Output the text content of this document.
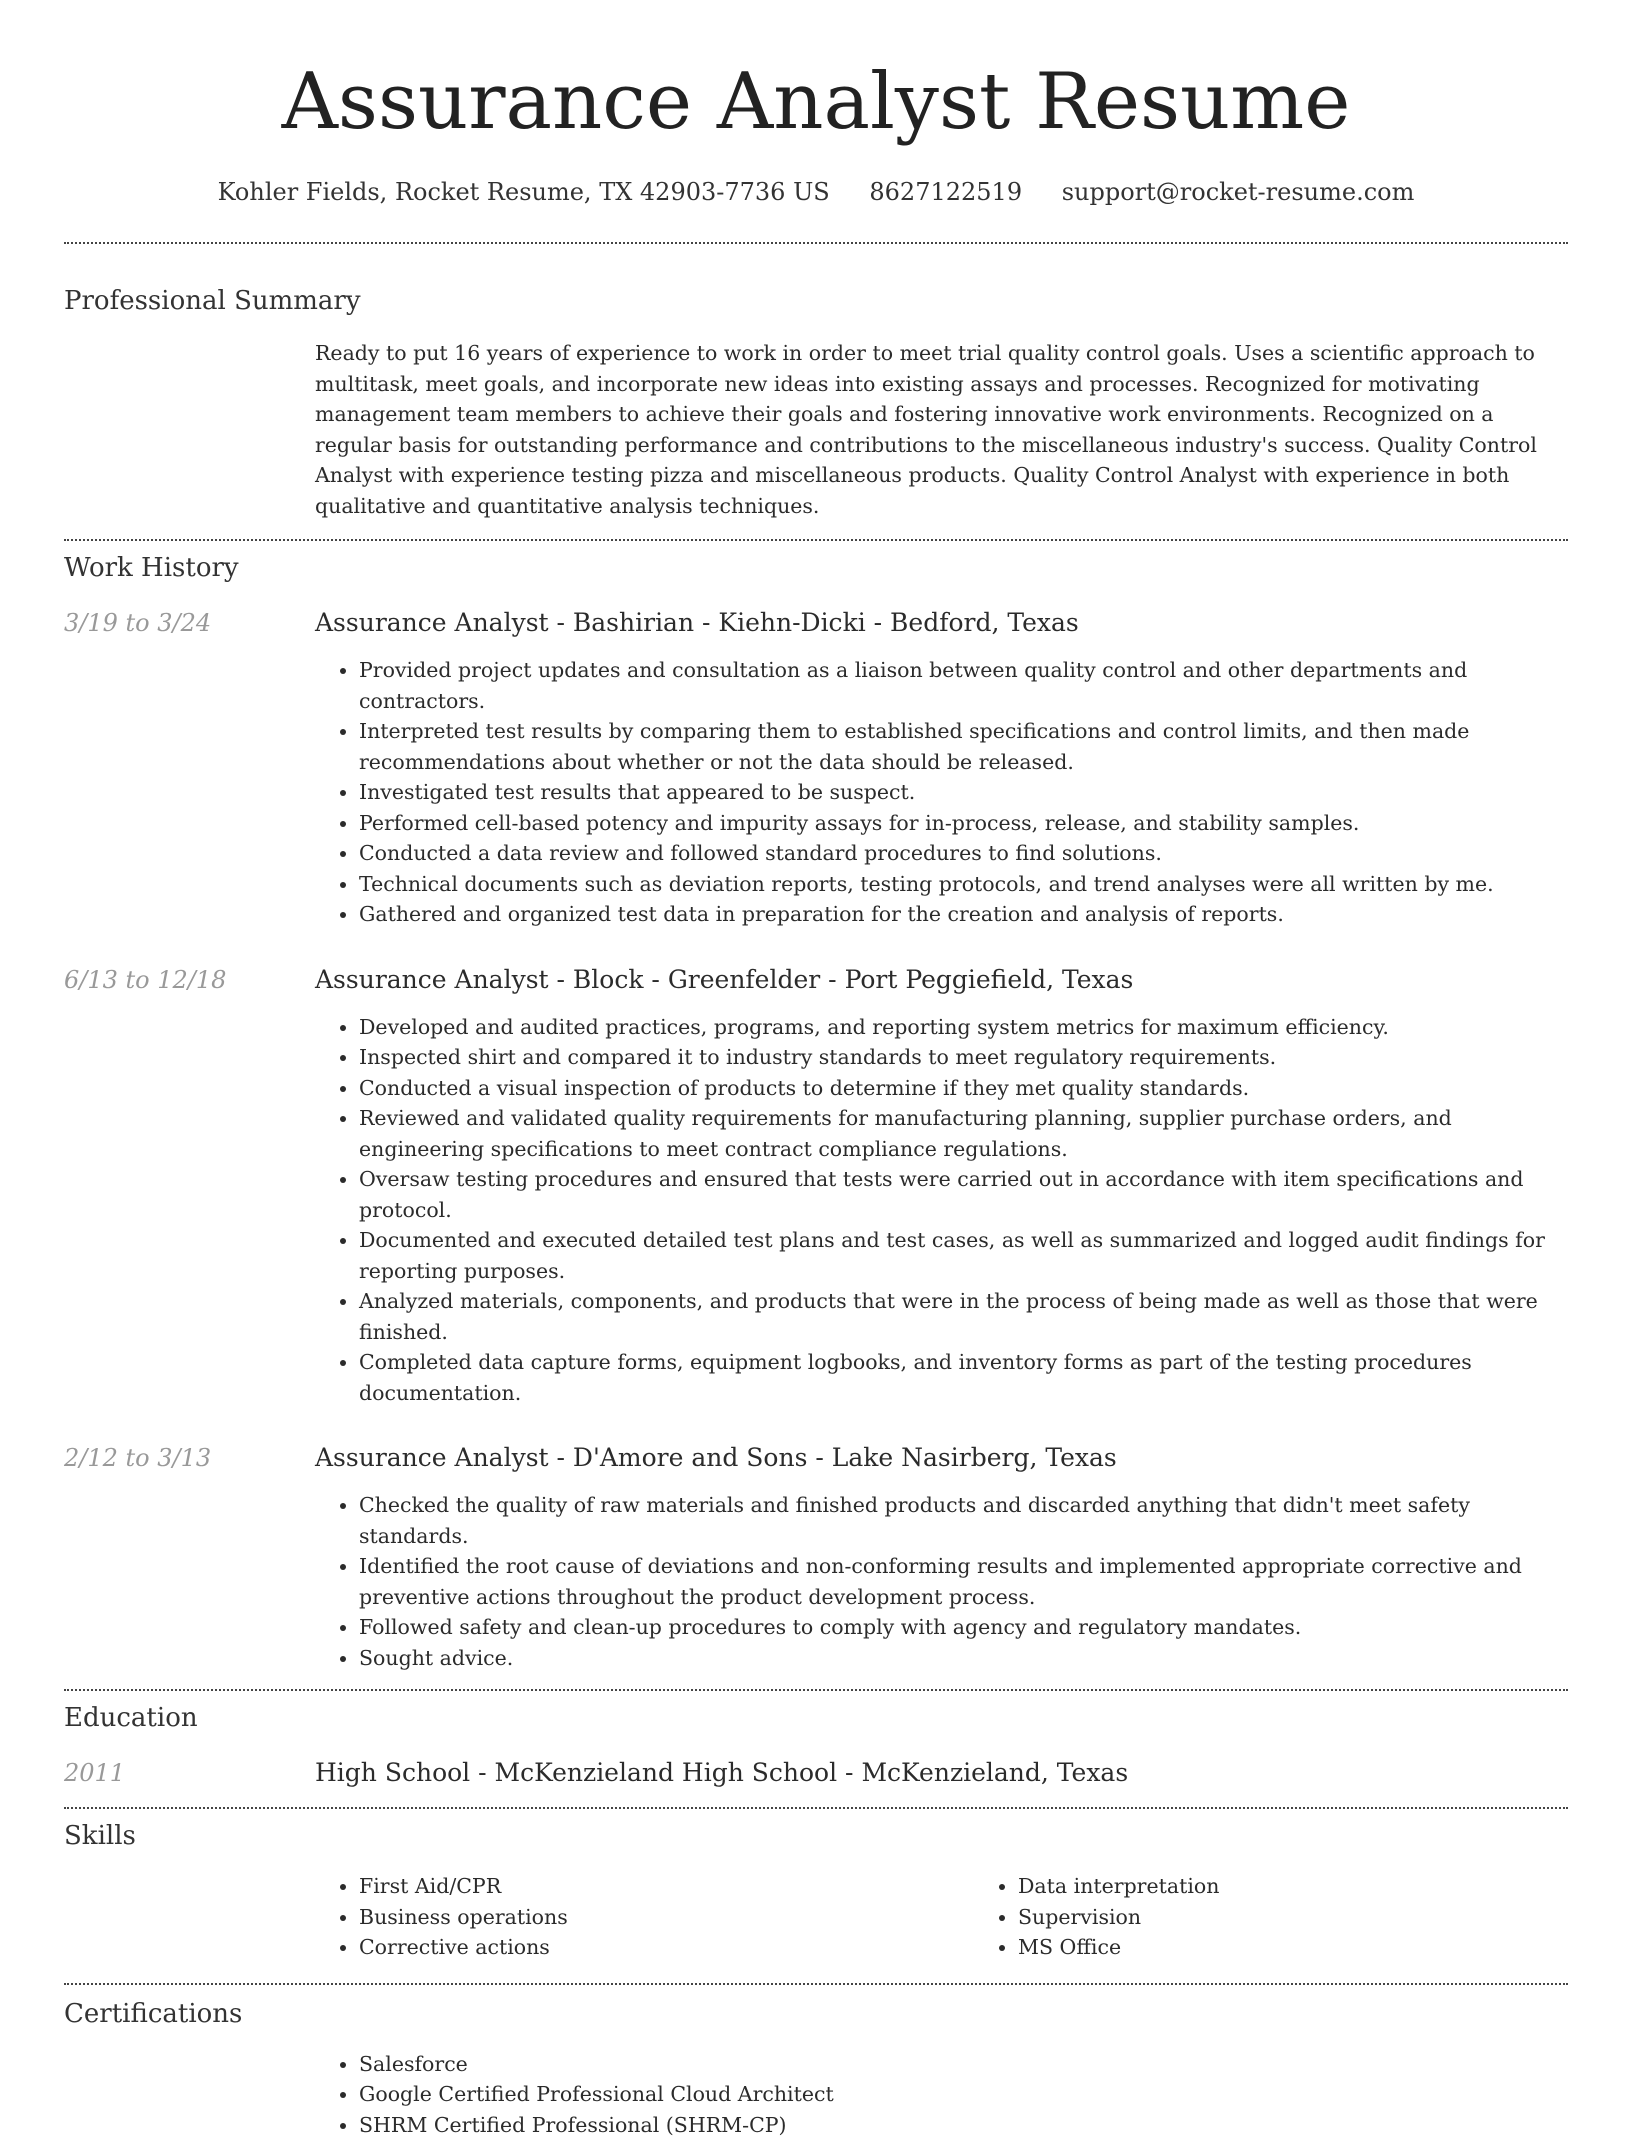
Assurance Analyst Resume
Kohler Fields, Rocket Resume, TX 42903-7736 US 8627122519 support@rocket-resume.com
Professional Summary
Ready to put 16 years of experience to work in order to meet trial quality control goals. Uses a scientific approach to multitask, meet goals, and incorporate new ideas into existing assays and processes. Recognized for motivating management team members to achieve their goals and fostering innovative work environments. Recognized on a regular basis for outstanding performance and contributions to the miscellaneous industry's success. Quality Control Analyst with experience testing pizza and miscellaneous products. Quality Control Analyst with experience in both qualitative and quantitative analysis techniques.
Work History
3/19 to 3/24	Assurance Analyst - Bashirian - Kiehn-Dicki - Bedford, Texas
• Provided project updates and consultation as a liaison between quality control and other departments and contractors.
• Interpreted test results by comparing them to established specifications and control limits, and then made recommendations about whether or not the data should be released.
• Investigated test results that appeared to be suspect.
• Performed cell-based potency and impurity assays for in-process, release, and stability samples.
• Conducted a data review and followed standard procedures to find solutions.
• Technical documents such as deviation reports, testing protocols, and trend analyses were all written by me.
• Gathered and organized test data in preparation for the creation and analysis of reports.
6/13 to 12/18	Assurance Analyst - Block - Greenfelder - Port Peggiefield, Texas
• Developed and audited practices, programs, and reporting system metrics for maximum efficiency.
• Inspected shirt and compared it to industry standards to meet regulatory requirements.
• Conducted a visual inspection of products to determine if they met quality standards.
• Reviewed and validated quality requirements for manufacturing planning, supplier purchase orders, and engineering specifications to meet contract compliance regulations.
• Oversaw testing procedures and ensured that tests were carried out in accordance with item specifications and protocol.
• Documented and executed detailed test plans and test cases, as well as summarized and logged audit findings for reporting purposes.
• Analyzed materials, components, and products that were in the process of being made as well as those that were finished.
• Completed data capture forms, equipment logbooks, and inventory forms as part of the testing procedures documentation.
2/12 to 3/13	Assurance Analyst - D'Amore and Sons - Lake Nasirberg, Texas
• Checked the quality of raw materials and finished products and discarded anything that didn't meet safety standards.
• Identified the root cause of deviations and non-conforming results and implemented appropriate corrective and preventive actions throughout the product development process.
• Followed safety and clean-up procedures to comply with agency and regulatory mandates.
• Sought advice.
Education
2011	High School - McKenzieland High School - McKenzieland, Texas
Skills
• First Aid/CPR
• Business operations
• Corrective actions
• Data interpretation
• Supervision
• MS Office
Certifications
• Salesforce
• Google Certified Professional Cloud Architect
• SHRM Certified Professional (SHRM-CP)
